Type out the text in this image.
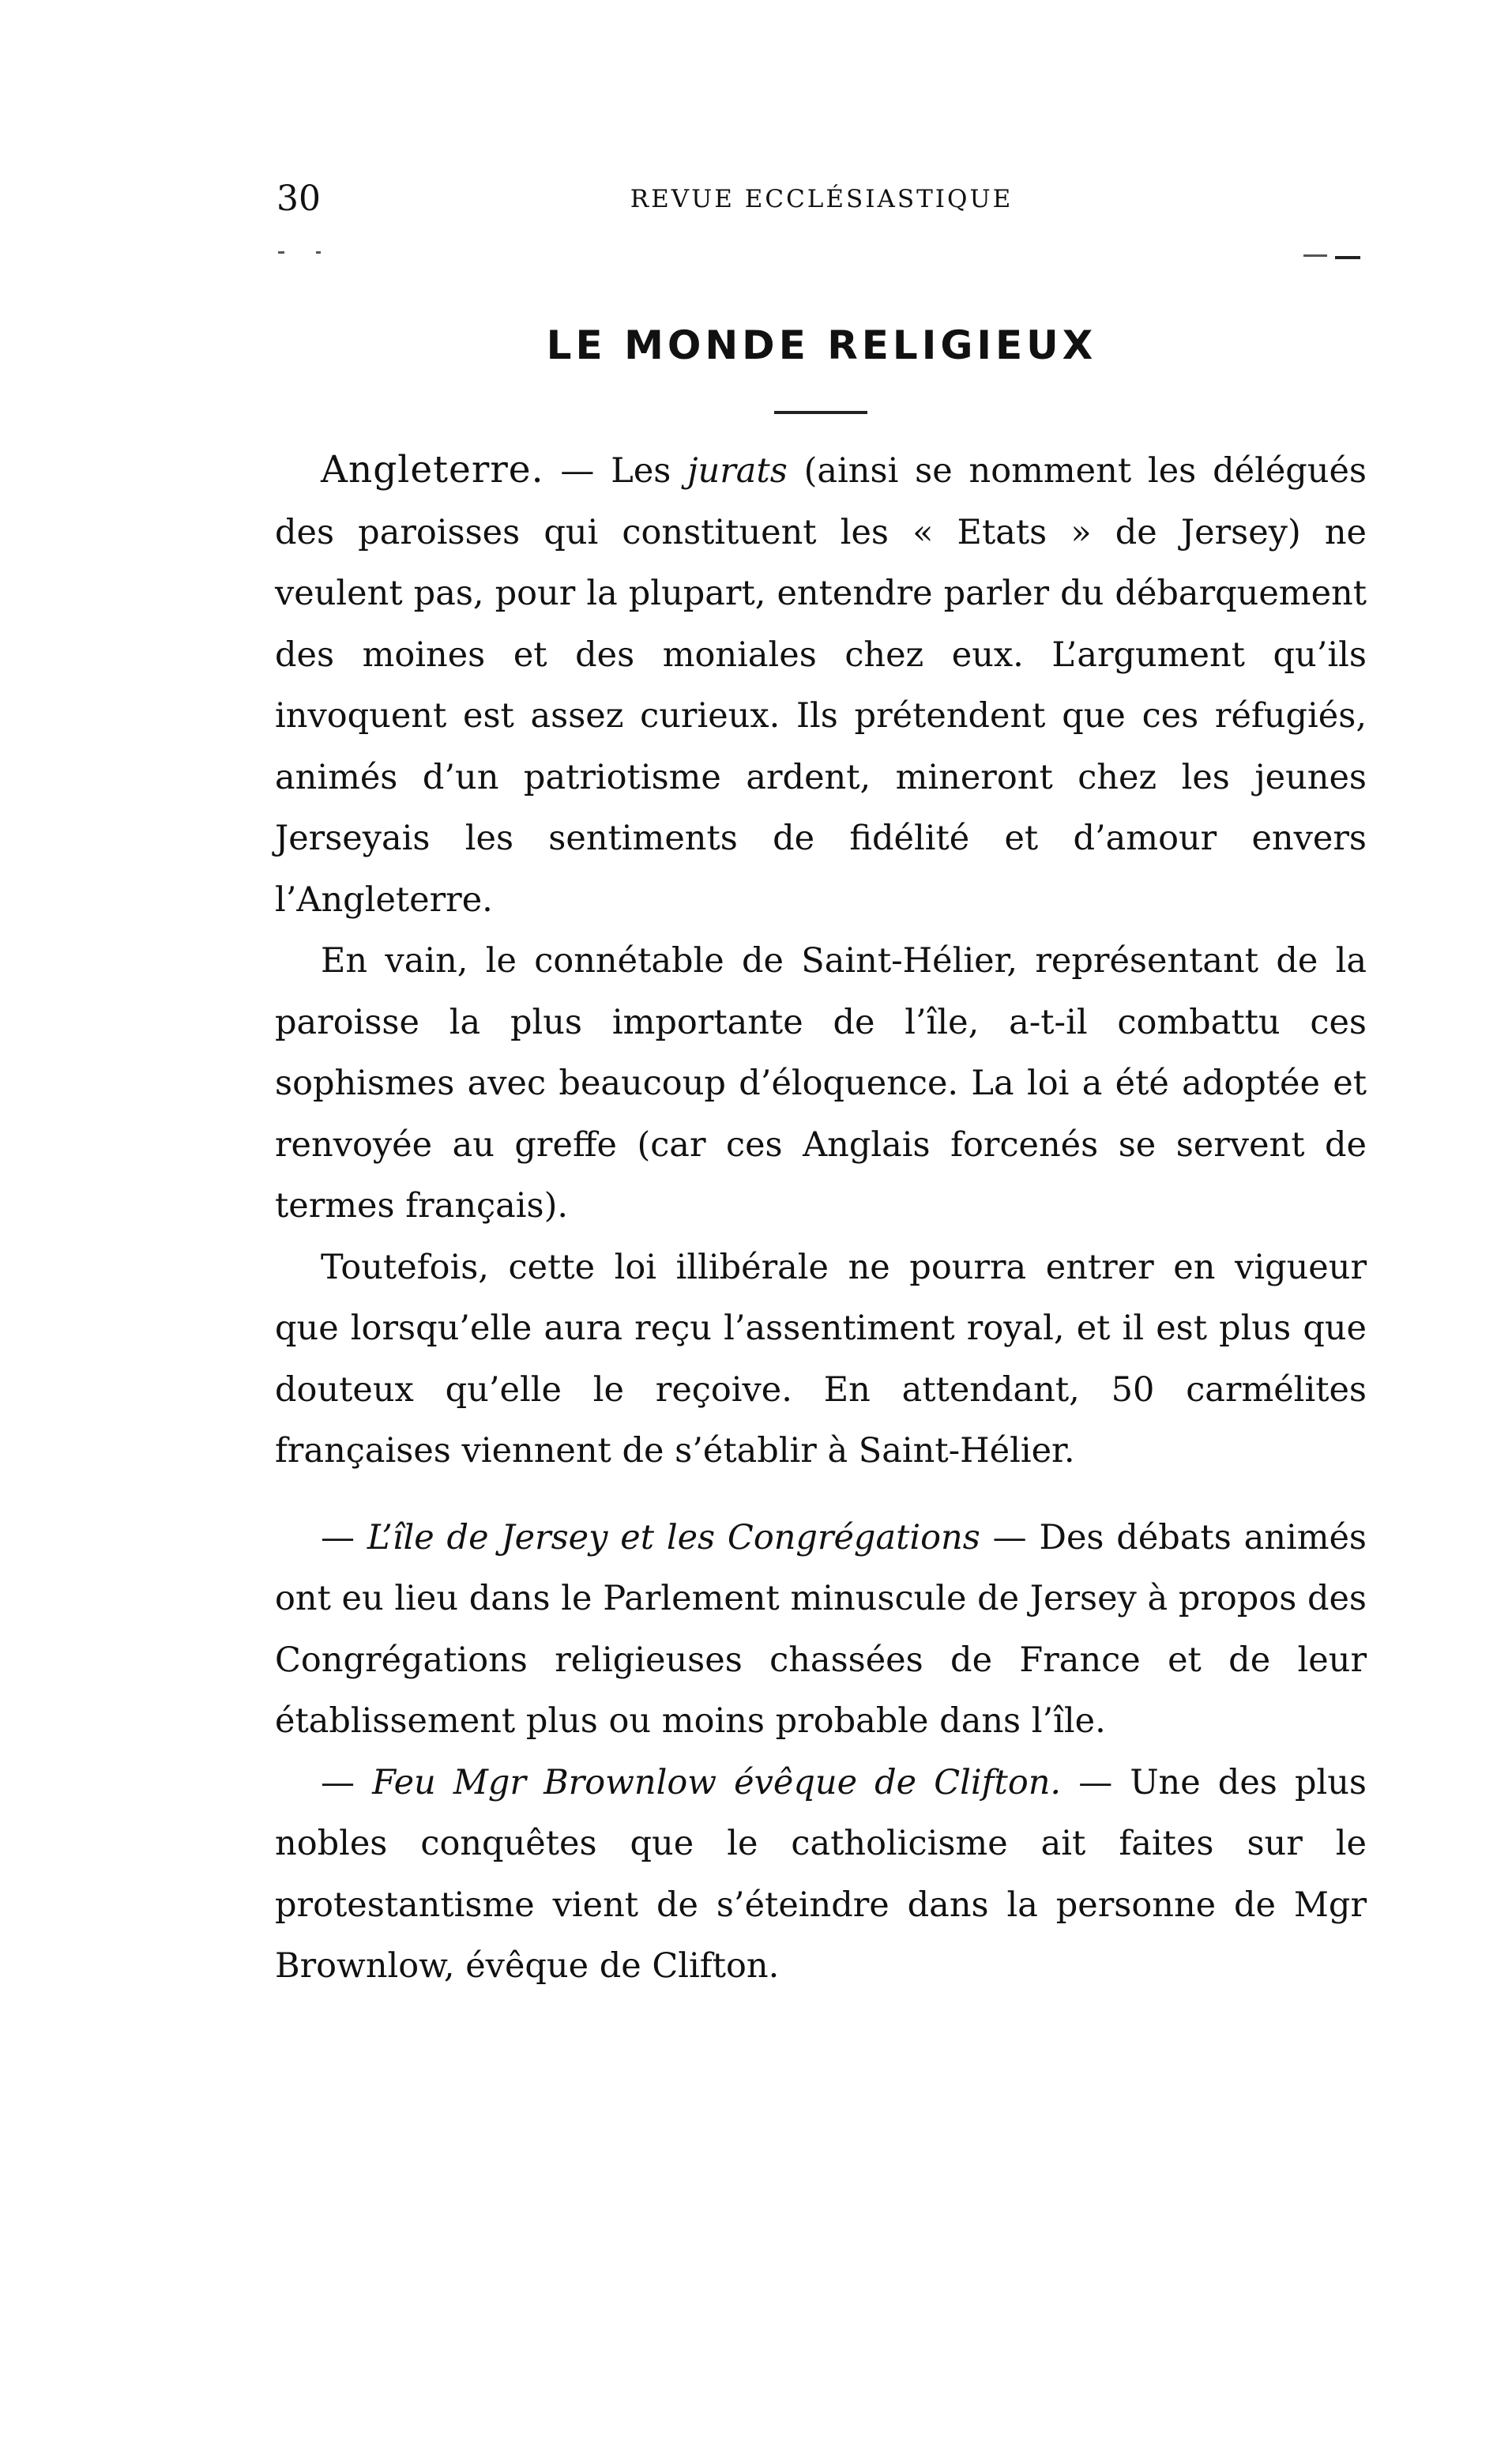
30	REVUE ECCLÉSIASTIQUE
LE MONDE RELIGIEUX

Angleterre. — Les jurats (ainsi se nomment les délégués des paroisses qui constituent les « Etats » de Jersey) ne veulent pas, pour la plupart, entendre parler du débarquement des moines et des moniales chez eux. L’argument qu’ils invoquent est assez curieux. Ils prétendent que ces réfugiés, animés d’un patriotisme ardent, mineront chez les jeunes Jerseyais les sentiments de fidélité et d’amour envers l’Angleterre.

En vain, le connétable de Saint-Hélier, représentant de la paroisse la plus importante de l’île, a-t-il combattu ces sophismes avec beaucoup d’éloquence. La loi a été adoptée et renvoyée au greffe (car ces Anglais forcenés se servent de termes français).

Toutefois, cette loi illibérale ne pourra entrer en vigueur que lorsqu’elle aura reçu l’assentiment royal, et il est plus que douteux qu’elle le reçoive. En attendant, 50 carmélites françaises viennent de s’établir à Saint-Hélier.

— L’île de Jersey et les Congrégations — Des débats animés ont eu lieu dans le Parlement minuscule de Jersey à propos des Congrégations religieuses chassées de France et de leur établissement plus ou moins probable dans l’île.

— Feu Mgr Brownlow évêque de Clifton. — Une des plus nobles conquêtes que le catholicisme ait faites sur le protestantisme vient de s’éteindre dans la personne de Mgr Brownlow, évêque de Clifton.
